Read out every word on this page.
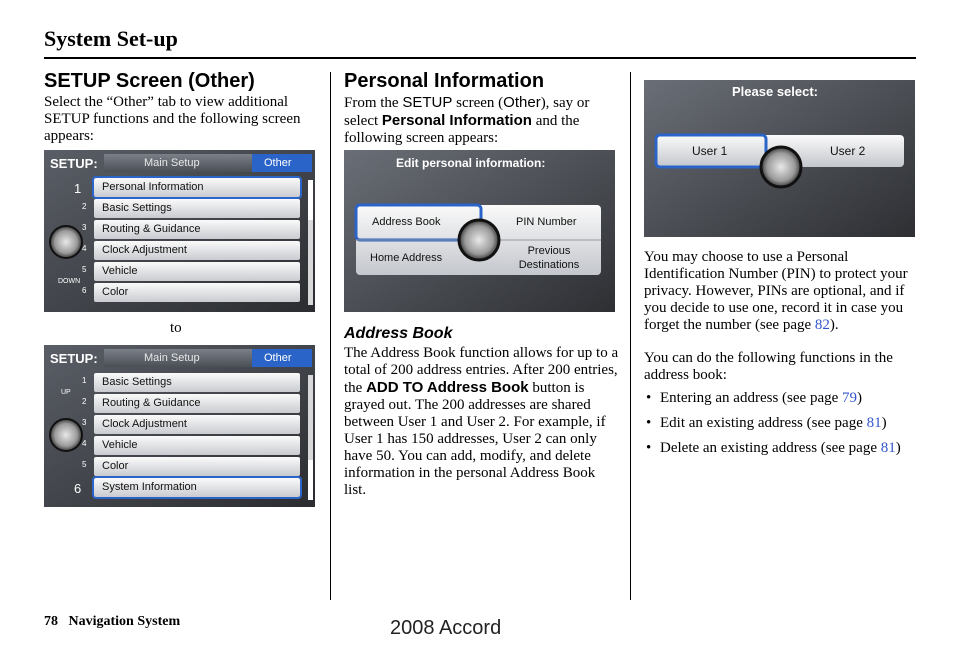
System Set-up
SETUP Screen (Other)

Select the “Other” tab to view additional SETUP functions and the following screen appears:

SETUP:	Main Setup	Other
DOWN
Personal Information
1
Basic Settings
2
Routing & Guidance
3
Clock Adjustment
4
Vehicle
5
Color
6
to
SETUP:	Main Setup	Other
UP
Basic Settings
1
Routing & Guidance
2
Clock Adjustment
3
Vehicle
4
Color
5
System Information
6
Personal Information

From the SETUP screen (Other), say or select Personal Information and the following screen appears:

Edit personal information:
Address Book	PIN Number
Home Address
Previous
Destinations
Address Book

The Address Book function allows for up to a total of 200 address entries. After 200 entries, the ADD TO Address Book button is grayed out. The 200 addresses are shared between User 1 and User 2. For example, if User 1 has 150 addresses, User 2 can only have 50. You can add, modify, and delete information in the personal Address Book list.

Please select:
User 1	User 2

You may choose to use a Personal Identification Number (PIN) to protect your privacy. However, PINs are optional, and if you decide to use one, record it in case you forget the number (see page 82).

You can do the following functions in the address book:

• Entering an address (see page 79)
• Edit an existing address (see page 81)
• Delete an existing address (see page 81)
78 Navigation System	2008 Accord
